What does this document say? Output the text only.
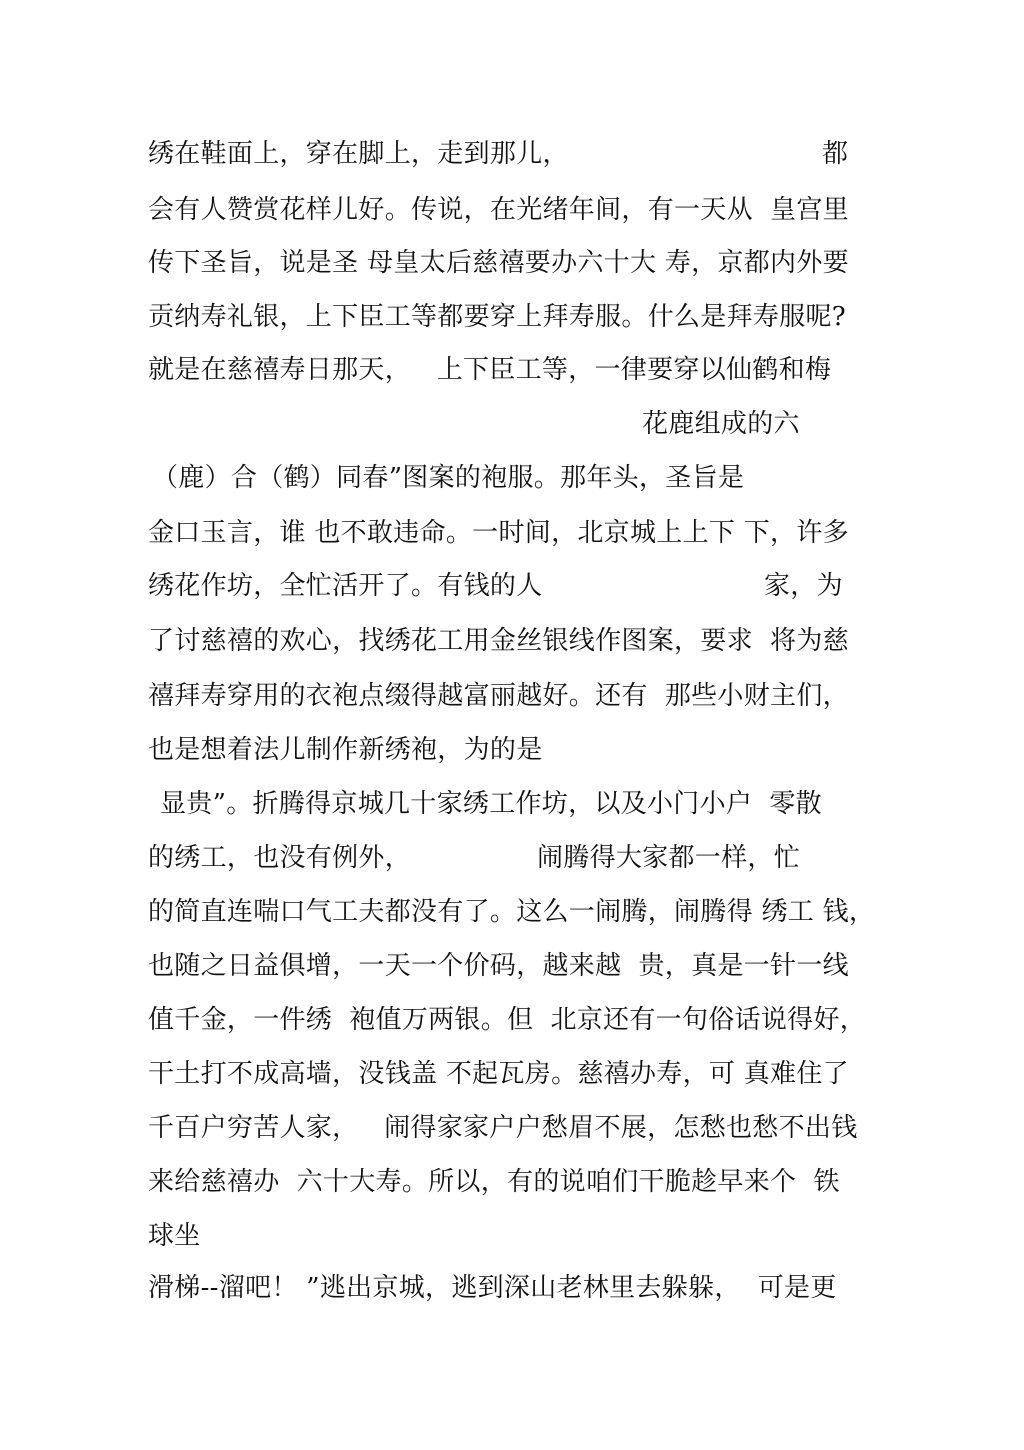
绣在鞋面上，穿在脚上，走到那儿，	都
会有人赞赏花样儿好。传说，在光绪年间，有一天从  皇宫里
传下圣旨，说是圣 母皇太后慈禧要办六十大 寿，京都内外要
贡纳寿礼银，上下臣工等都要穿上拜寿服。什么是拜寿服呢?
就是在慈禧寿日那天，   上下臣工等，一律要穿以仙鹤和梅
花鹿组成的六
（鹿）合（鹤）同春”图案的袍服。那年头，圣旨是
金口玉言，谁 也不敢违命。一时间，北京城上上下 下，许多
绣花作坊，全忙活开了。有钱的人	家，为
了讨慈禧的欢心，找绣花工用金丝银线作图案，要求  将为慈
禧拜寿穿用的衣袍点缀得越富丽越好。还有  那些小财主们，
也是想着法儿制作新绣袍，为的是
显贵”。折腾得京城几十家绣工作坊，以及小门小户  零散
的绣工，也没有例外，	闹腾得大家都一样，忙
的简直连喘口气工夫都没有了。这么一闹腾，闹腾得 绣工 钱，
也随之日益俱增，一天一个价码，越来越  贵，真是一针一线
值千金，一件绣  袍值万两银。但  北京还有一句俗话说得好，
干土打不成高墙，没钱盖 不起瓦房。慈禧办寿，可 真难住了
千百户穷苦人家，   闹得家家户户愁眉不展，怎愁也愁不出钱
来给慈禧办  六十大寿。所以，有的说咱们干脆趁早来个  铁
球坐
滑梯--溜吧！ ”逃出京城，逃到深山老林里去躲躲，  可是更
